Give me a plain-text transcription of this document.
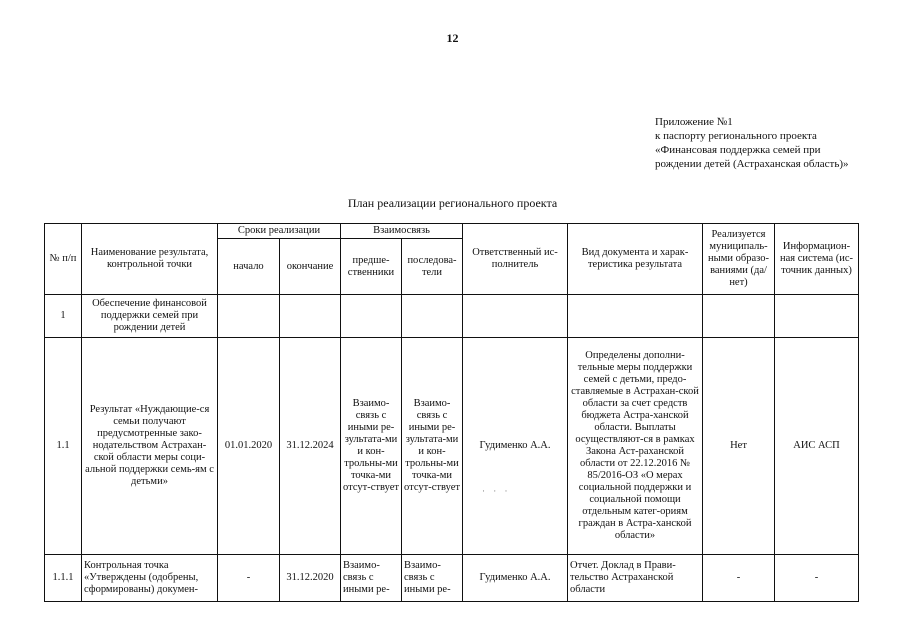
12
Приложение №1
к паспорту регионального проекта
«Финансовая поддержка семей при
рождении детей (Астраханская область)»
План реализации регионального проекта
№ п/п	Наименование результата, контрольной точки	Сроки реализации		Взаимосвязь		Ответственный ис-полнитель	Вид документа и харак-теристика результата	Реализуется муниципаль-ными образо-ваниями (да/нет)	Информацион-ная система (ис-точник данных)
		начало	окончание	предше-ственники	последова-тели				
1	Обеспечение финансовой поддержки семей при рождении детей								
1.1	Результат «Нуждающие-ся семьи получают предусмотренные зако-нодательством Астрахан-ской области меры соци-альной поддержки семь-ям с детьми»	01.01.2020	31.12.2024	Взаимо-связь с иными ре-зультата-ми и кон-трольны-ми точка-ми отсут-ствует	Взаимо-связь с иными ре-зультата-ми и кон-трольны-ми точка-ми отсут-ствует	Гудименко А.А.	Определены дополни-тельные меры поддержки семей с детьми, предо-ставляемые в Астрахан-ской области за счет средств бюджета Астра-ханской области. Выплаты осуществляют-ся в рамках Закона Аст-раханской области от 22.12.2016 № 85/2016-ОЗ «О мерах социальной поддержки и социальной помощи отдельным катег-ориям граждан в Астра-ханской области»	Нет	АИС АСП
1.1.1	Контрольная точка «Утверждены (одобрены, сформированы) докумен-	-	31.12.2020	Взаимо-связь с иными ре-	Взаимо-связь с иными ре-	Гудименко А.А.	Отчет. Доклад в Прави-тельство Астраханской области	-	-
· · ·
